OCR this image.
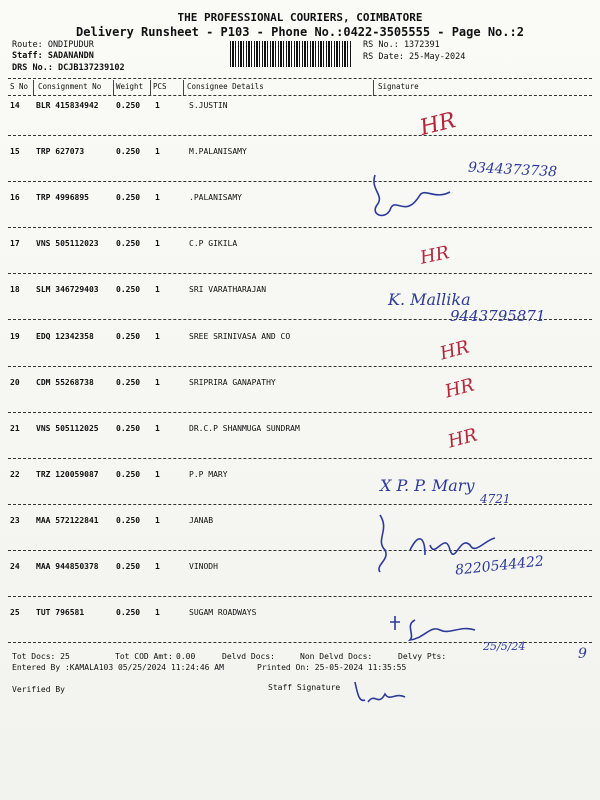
THE PROFESSIONAL COURIERS, COIMBATORE
Delivery Runsheet - P103 - Phone No.:0422-3505555 - Page No.:2
Route: ONDIPUDUR
Staff: SADANANDN
DRS No.: DCJB137239102
RS No.: 1372391
RS Date: 25-May-2024
S No Consignment No Weight PCS	Consignee Details	Signature
14 BLR 415834942 0.250 1	S.JUSTIN
15 TRP 627073	0.250 1	M.PALANISAMY
16 TRP 4996895	0.250 1	.PALANISAMY
17 VNS 505112023 0.250 1	C.P GIKILA
18 SLM 346729403 0.250 1	SRI VARATHARAJAN
19 EDQ 12342358	0.250 1	SREE SRINIVASA AND CO
20 CDM 55268738	0.250 1	SRIPRIRA GANAPATHY
21 VNS 505112025 0.250 1	DR.C.P SHANMUGA SUNDRAM
22 TRZ 120059087 0.250 1	P.P MARY
23 MAA 572122841 0.250 1	JANAB
24 MAA 944850378 0.250 1	VINODH
25 TUT 796581	0.250 1	SUGAM ROADWAYS
HR
9344373738
HR
K. Mallika
9443795871
HR
HR
HR
X P. P. Mary
4721
8220544422
25/5/24	9
Tot Docs: 25	Tot COD Amt: 0.00	Delvd Docs:	Non Delvd Docs:	Delvy Pts:
Entered By :KAMALA103 05/25/2024 11:24:46 AM	Printed On: 25-05-2024 11:35:55
Verified By	Staff Signature
